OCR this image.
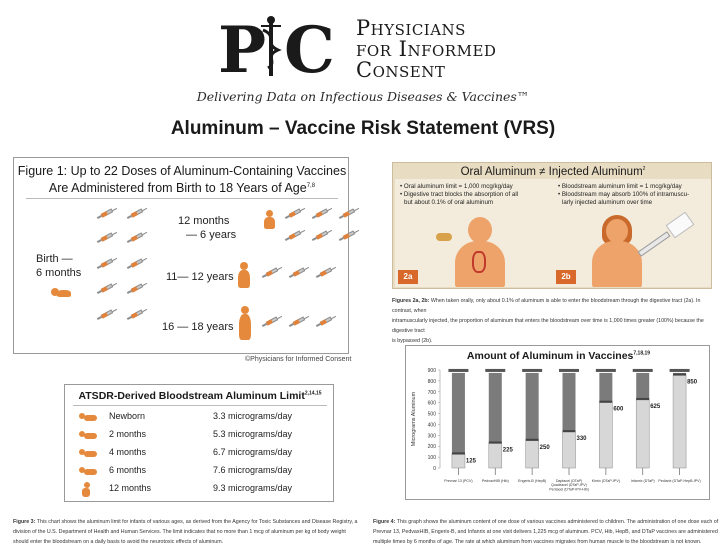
P C Physicians
for Informed
Consent
Delivering Data on Infectious Diseases & Vaccines™
Aluminum – Vaccine Risk Statement (VRS)
Figure 1: Up to 22 Doses of Aluminum-Containing Vaccines
Are Administered from Birth to 18 Years of Age$^{7,8}$
Birth —
6 months
12 months
— 6 years
11— 12 years
16 — 18 years
©Physicians for Informed Consent
ATSDR-Derived Bloodstream Aluminum Limit$^{2,14,15}$
Newborn	3.3 micrograms/day
2 months	5.3 micrograms/day
4 months	6.7 micrograms/day
6 months	7.6 micrograms/day
12 months	9.3 micrograms/day
Figure 3: This chart shows the aluminum limit for infants of various ages, as derived from the Agency for Toxic Substances and Disease Registry, a
division of the U.S. Department of Health and Human Services. The limit indicates that no more than 1 mcg of aluminum per kg of body weight
should enter the bloodstream on a daily basis to avoid the neurotoxic effects of aluminum.
Oral Aluminum ≠ Injected Aluminum$^2$
• Oral aluminum limit = 1,000 mcg/kg/day
• Digestive tract blocks the absorption of all
but about 0.1% of oral aluminum
2a
• Bloodstream aluminum limit = 1 mcg/kg/day
• Bloodstream may absorb 100% of intramuscu-
larly injected aluminum over time
2b
Figures 2a, 2b: When taken orally, only about 0.1% of aluminum is able to enter the bloodstream through the digestive tract (2a). In contrast, when
intramuscularly injected, the proportion of aluminum that enters the bloodstream over time is 1,000 times greater (100%) because the digestive tract
is bypassed (2b).
Amount of Aluminum in Vaccines$^{7,18,19}$
Micrograms Aluminum
0
100
200
300
400
500
600
700
800
900
125
Prevnar 13 (PCV)
225
PedvaxHIB (Hib)
250
Engerix-B (HepB)
330
Daptacel (DTaP) Quadracel (DTaP-IPV) Pentacel (DTaP-IPV-Hib)
600
Kinrix (DTaP-IPV)
625
Infanrix (DTaP)
850
Pediarix (DTaP-HepB-IPV)
Figure 4: This graph shows the aluminum content of one dose of various vaccines administered to children. The administration of one dose each of
Prevnar 13, PedvaxHIB, Engerix-B, and Infanrix at one visit delivers 1,225 mcg of aluminum. PCV, Hib, HepB, and DTaP vaccines are administered
multiple times by 6 months of age. The rate at which aluminum from vaccines migrates from human muscle to the bloodstream is not known.
